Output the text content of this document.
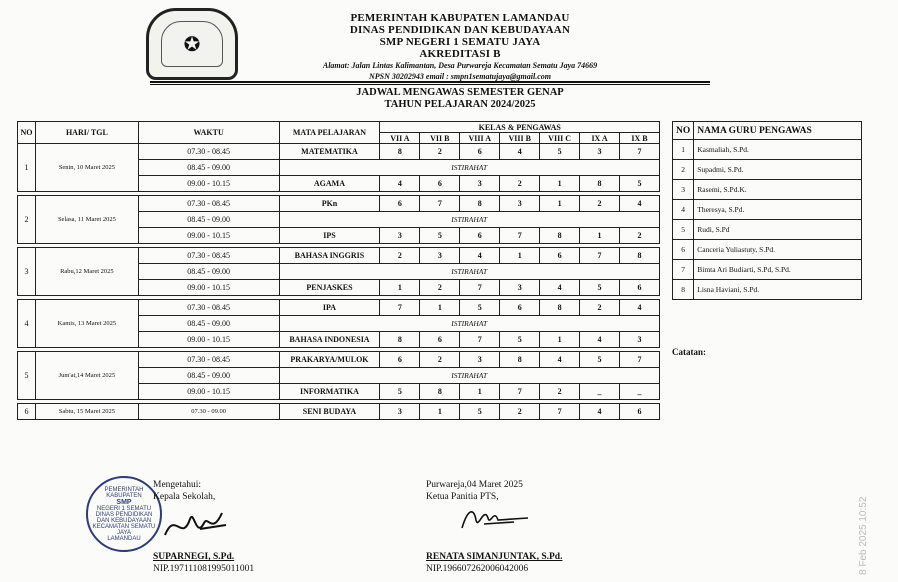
✪
PEMERINTAH KABUPATEN LAMANDAU
DINAS PENDIDIKAN DAN KEBUDAYAAN
SMP NEGERI 1 SEMATU JAYA
AKREDITASI B
Alamat: Jalan Lintas Kalimantan, Desa Purwareja Kecamatan Sematu Jaya 74669
NPSN 30202943 email : smpn1sematujaya@gmail.com
JADWAL MENGAWAS SEMESTER GENAP
TAHUN PELAJARAN 2024/2025
NO	HARI/ TGL	WAKTU	MATA PELAJARAN	KELAS & PENGAWAS						
				VII A	VII B	VIII A	VIII B	VIII C	IX A	IX B
1	Senin, 10 Maret 2025	07.30 - 08.45	MATEMATIKA	8	2	6	4	5	3	7
		08.45 - 09.00	ISTIRAHAT							
		09.00 - 10.15	AGAMA	4	6	3	2	1	8	5

2	Selasa, 11 Maret 2025	07.30 - 08.45	PKn	6	7	8	3	1	2	4
		08.45 - 09.00	ISTIRAHAT							
		09.00 - 10.15	IPS	3	5	6	7	8	1	2

3	Rabu,12 Maret 2025	07.30 - 08.45	BAHASA INGGRIS	2	3	4	1	6	7	8
		08.45 - 09.00	ISTIRAHAT							
		09.00 - 10.15	PENJASKES	1	2	7	3	4	5	6

4	Kamis, 13 Maret 2025	07.30 - 08.45	IPA	7	1	5	6	8	2	4
		08.45 - 09.00	ISTIRAHAT							
		09.00 - 10.15	BAHASA INDONESIA	8	6	7	5	1	4	3

5	Jum'at,14 Maret 2025	07.30 - 08.45	PRAKARYA/MULOK	6	2	3	8	4	5	7
		08.45 - 09.00	ISTIRAHAT							
		09.00 - 10.15	INFORMATIKA	5	8	1	7	2	_	_

6	Sabtu, 15 Maret 2025	07.30 - 09.00	SENI BUDAYA	3	1	5	2	7	4	6
NO	NAMA GURU PENGAWAS
1	Kasmaliah, S.Pd.
2	Supadmi, S.Pd.
3	Rasemi, S.Pd.K.
4	Theresya, S.Pd.
5	Rudi, S.Pd
6	Canceria Yuliastuty, S.Pd.
7	Bimta Ari Budiarti, S.Pd, S.Pd.
8	Lisna Haviani, S.Pd.
Catatan:
PEMERINTAH KABUPATEN
SMP
NEGERI 1 SEMATU
DINAS PENDIDIKAN
DAN KEBUDAYAAN
KECAMATAN SEMATU JAYA
LAMANDAU
Mengetahui:
Kepala Sekolah,
SUPARNEGI, S.Pd.
NIP.197111081995011001
Purwareja,04 Maret 2025
Ketua Panitia PTS,
RENATA SIMANJUNTAK, S.Pd.
NIP.196607262006042006	8 Feb 2025 10:52
